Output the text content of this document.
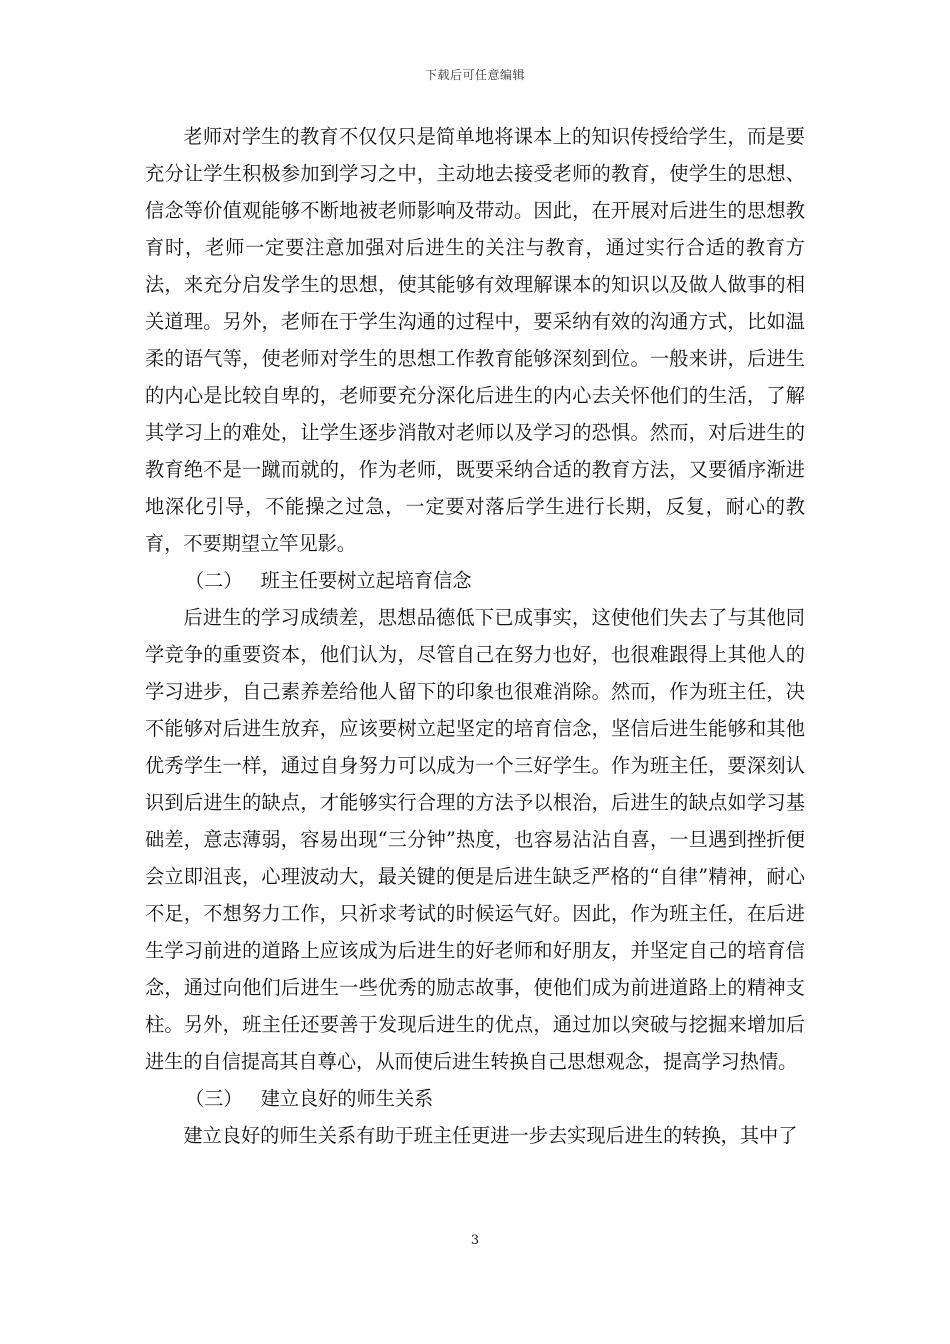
下载后可任意编辑

老师对学生的教育不仅仅只是简单地将课本上的知识传授给学生，而是要充分让学生积极参加到学习之中，主动地去接受老师的教育，使学生的思想、信念等价值观能够不断地被老师影响及带动。因此，在开展对后进生的思想教育时，老师一定要注意加强对后进生的关注与教育，通过实行合适的教育方法，来充分启发学生的思想，使其能够有效理解课本的知识以及做人做事的相关道理。另外，老师在于学生沟通的过程中，要采纳有效的沟通方式，比如温柔的语气等，使老师对学生的思想工作教育能够深刻到位。一般来讲，后进生的内心是比较自卑的，老师要充分深化后进生的内心去关怀他们的生活，了解其学习上的难处，让学生逐步消散对老师以及学习的恐惧。然而，对后进生的教育绝不是一蹴而就的，作为老师，既要采纳合适的教育方法，又要循序渐进地深化引导，不能操之过急，一定要对落后学生进行长期，反复，耐心的教育，不要期望立竿见影。

（二） 班主任要树立起培育信念

后进生的学习成绩差，思想品德低下已成事实，这使他们失去了与其他同学竞争的重要资本，他们认为，尽管自己在努力也好，也很难跟得上其他人的学习进步，自己素养差给他人留下的印象也很难消除。然而，作为班主任，决不能够对后进生放弃，应该要树立起坚定的培育信念，坚信后进生能够和其他优秀学生一样，通过自身努力可以成为一个三好学生。作为班主任，要深刻认识到后进生的缺点，才能够实行合理的方法予以根治，后进生的缺点如学习基础差，意志薄弱，容易出现“三分钟”热度，也容易沾沾自喜，一旦遇到挫折便会立即沮丧，心理波动大，最关键的便是后进生缺乏严格的“自律”精神，耐心不足，不想努力工作，只祈求考试的时候运气好。因此，作为班主任，在后进生学习前进的道路上应该成为后进生的好老师和好朋友，并坚定自己的培育信念，通过向他们后进生一些优秀的励志故事，使他们成为前进道路上的精神支柱。另外，班主任还要善于发现后进生的优点，通过加以突破与挖掘来增加后进生的自信提高其自尊心，从而使后进生转换自己思想观念，提高学习热情。

（三） 建立良好的师生关系

建立良好的师生关系有助于班主任更进一步去实现后进生的转换，其中了

3
